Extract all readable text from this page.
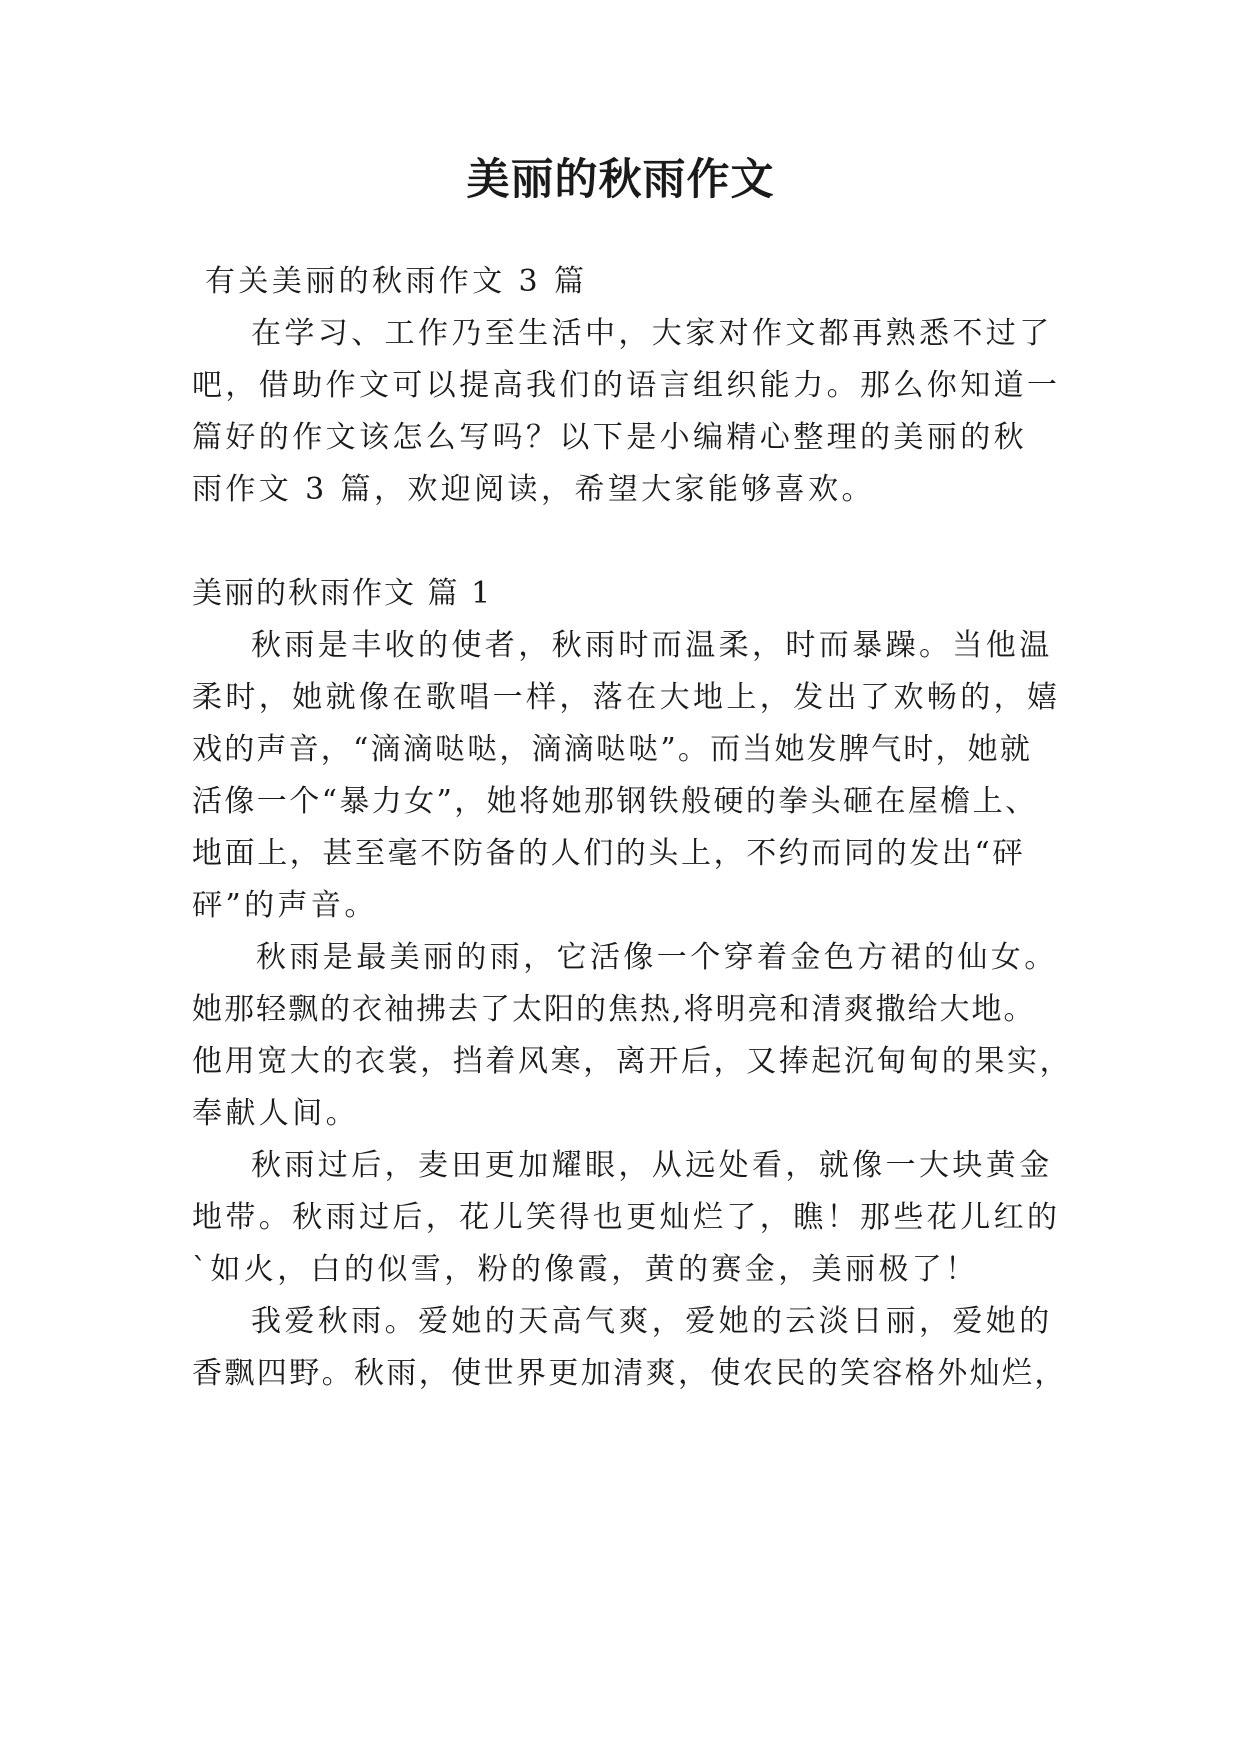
美丽的秋雨作文
有关美丽的秋雨作文 3 篇
在学习、工作乃至生活中，大家对作文都再熟悉不过了
吧，借助作文可以提高我们的语言组织能力。那么你知道一
篇好的作文该怎么写吗？以下是小编精心整理的美丽的秋
雨作文 3 篇，欢迎阅读，希望大家能够喜欢。
美丽的秋雨作文 篇 1
秋雨是丰收的使者，秋雨时而温柔，时而暴躁。当他温
柔时，她就像在歌唱一样，落在大地上，发出了欢畅的，嬉
戏的声音，“滴滴哒哒，滴滴哒哒”。而当她发脾气时，她就
活像一个“暴力女”，她将她那钢铁般硬的拳头砸在屋檐上、
地面上，甚至毫不防备的人们的头上，不约而同的发出“砰
砰”的声音。
秋雨是最美丽的雨，它活像一个穿着金色方裙的仙女。
她那轻飘的衣袖拂去了太阳的焦热,将明亮和清爽撒给大地。
他用宽大的衣裳，挡着风寒，离开后，又捧起沉甸甸的果实，
奉献人间。
秋雨过后，麦田更加耀眼，从远处看，就像一大块黄金
地带。秋雨过后，花儿笑得也更灿烂了，瞧！那些花儿红的
`如火，白的似雪，粉的像霞，黄的赛金，美丽极了！
我爱秋雨。爱她的天高气爽，爱她的云淡日丽，爱她的
香飘四野。秋雨，使世界更加清爽，使农民的笑容格外灿烂，
